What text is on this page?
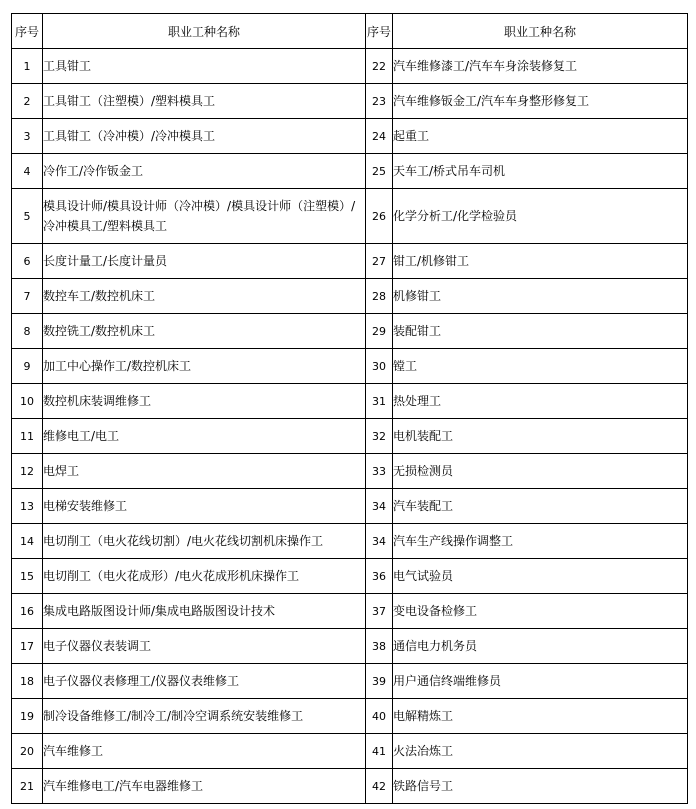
序号	职业工种名称	序号	职业工种名称
1	工具钳工	22	汽车维修漆工/汽车车身涂装修复工
2	工具钳工（注塑模）/塑料模具工	23	汽车维修钣金工/汽车车身整形修复工
3	工具钳工（冷冲模）/冷冲模具工	24	起重工
4	冷作工/冷作钣金工	25	天车工/桥式吊车司机
5	模具设计师/模具设计师（冷冲模）/模具设计师（注塑模）/冷冲模具工/塑料模具工	26	化学分析工/化学检验员
6	长度计量工/长度计量员	27	钳工/机修钳工
7	数控车工/数控机床工	28	机修钳工
8	数控铣工/数控机床工	29	装配钳工
9	加工中心操作工/数控机床工	30	镗工
10	数控机床装调维修工	31	热处理工
11	维修电工/电工	32	电机装配工
12	电焊工	33	无损检测员
13	电梯安装维修工	34	汽车装配工
14	电切削工（电火花线切割）/电火花线切割机床操作工	34	汽车生产线操作调整工
15	电切削工（电火花成形）/电火花成形机床操作工	36	电气试验员
16	集成电路版图设计师/集成电路版图设计技术	37	变电设备检修工
17	电子仪器仪表装调工	38	通信电力机务员
18	电子仪器仪表修理工/仪器仪表维修工	39	用户通信终端维修员
19	制冷设备维修工/制冷工/制冷空调系统安装维修工	40	电解精炼工
20	汽车维修工	41	火法冶炼工
21	汽车维修电工/汽车电器维修工	42	铁路信号工
